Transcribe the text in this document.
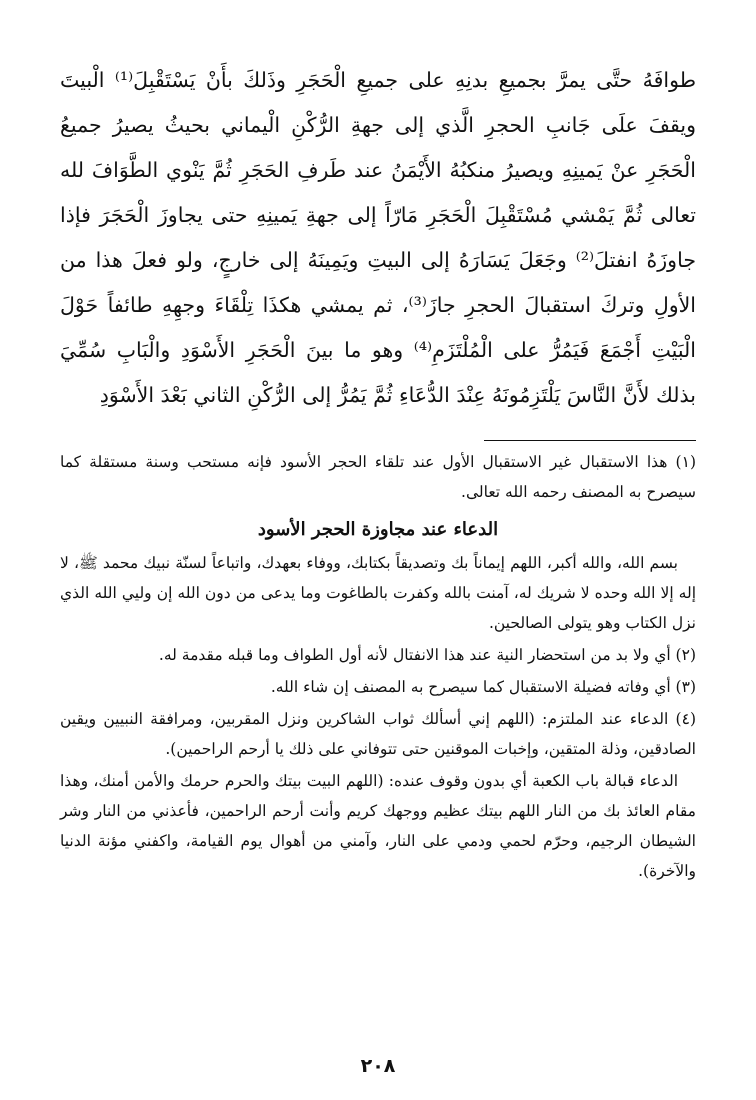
طوافَهُ حتَّى يمرَّ بجميعِ بدنِهِ على جميعِ الْحَجَرِ وذَلكَ بأَنْ يَسْتَقْبِلَ⁽¹⁾ الْبيتَ ويقفَ علَى جَانبِ الحجرِ الَّذي إلى جهةِ الرُّكْنِ الْيماني بحيثُ يصيرُ جميعُ الْحَجَرِ عنْ يَمينِهِ ويصيرُ منكبُهُ الأَيْمَنُ عند طَرفِ الحَجَرِ ثُمَّ يَنْوي الطَّوَافَ لله تعالى ثُمَّ يَمْشي مُسْتَقْبِلَ الْحَجَرِ مَارّاً إلى جهةِ يَمينِهِ حتى يجاوزَ الْحَجَرَ فإذا جاوزَهُ انفتلَ⁽²⁾ وجَعَلَ يَسَارَهُ إلى البيتِ ويَمِينَهُ إلى خارجٍ، ولو فعلَ هذا من الأولِ وتركَ استقبالَ الحجرِ جازَ⁽³⁾، ثم يمشي هكذَا تِلْقَاءَ وجهِهِ طائفاً حَوْلَ الْبَيْتِ أَجْمَعَ فَيَمُرُّ على الْمُلْتَزَمِ⁽⁴⁾ وهو ما بينَ الْحَجَرِ الأَسْوَدِ والْبَابِ سُمِّيَ بذلك لأَنَّ النَّاسَ يَلْتَزِمُونَهُ عِنْدَ الدُّعَاءِ ثُمَّ يَمُرُّ إلى الرُّكْنِ الثاني بَعْدَ الأَسْوَدِ

(١) هذا الاستقبال غير الاستقبال الأول عند تلقاء الحجر الأسود فإنه مستحب وسنة مستقلة كما سيصرح به المصنف رحمه الله تعالى.

الدعاء عند مجاوزة الحجر الأسود

بسم الله، والله أكبر، اللهم إيماناً بك وتصديقاً بكتابك، ووفاء بعهدك، واتباعاً لسنّة نبيك محمد ﷺ، لا إله إلا الله وحده لا شريك له، آمنت بالله وكفرت بالطاغوت وما يدعى من دون الله إن وليي الله الذي نزل الكتاب وهو يتولى الصالحين.

(٢) أي ولا بد من استحضار النية عند هذا الانفتال لأنه أول الطواف وما قبله مقدمة له.

(٣) أي وفاته فضيلة الاستقبال كما سيصرح به المصنف إن شاء الله.

(٤) الدعاء عند الملتزم: (اللهم إني أسألك ثواب الشاكرين ونزل المقربين، ومرافقة النبيين ويقين الصادقين، وذلة المتقين، وإخبات الموقنين حتى تتوفاني على ذلك يا أرحم الراحمين).

الدعاء قبالة باب الكعبة أي بدون وقوف عنده: (اللهم البيت بيتك والحرم حرمك والأمن أمنك، وهذا مقام العائذ بك من النار اللهم بيتك عظيم ووجهك كريم وأنت أرحم الراحمين، فأعذني من النار وشر الشيطان الرجيم، وحرّم لحمي ودمي على النار، وآمني من أهوال يوم القيامة، واكفني مؤنة الدنيا والآخرة).

٢٠٨
